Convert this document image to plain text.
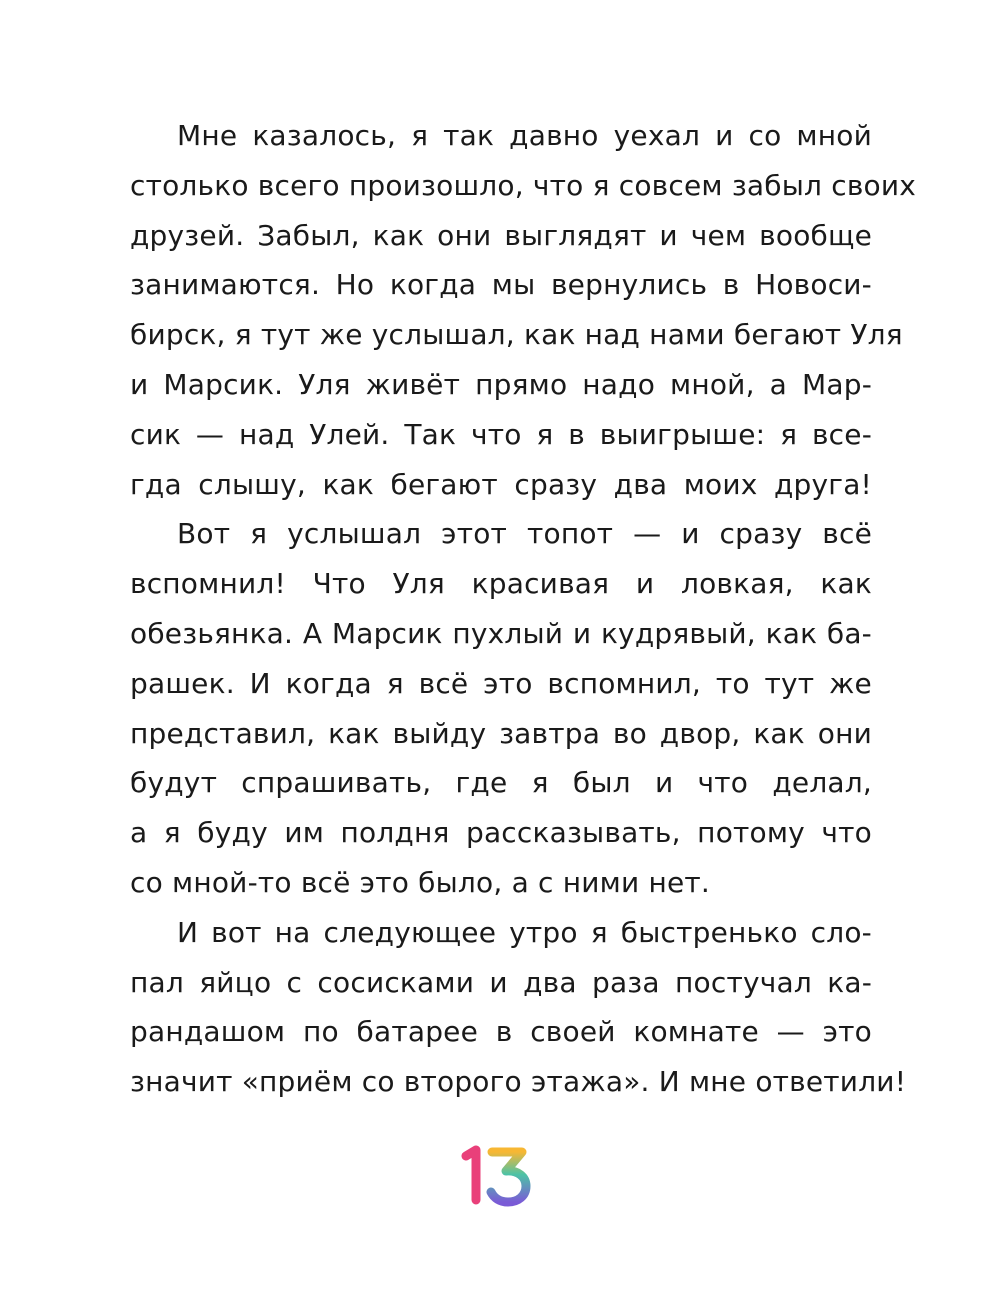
Мне казалось, я так давно уехал и со мной
столько всего произошло, что я совсем забыл своих
друзей. Забыл, как они выглядят и чем вообще
занимаются. Но когда мы вернулись в Новоси-
бирск, я тут же услышал, как над нами бегают Уля
и Марсик. Уля живёт прямо надо мной, а Мар-
сик — над Улей. Так что я в выигрыше: я все-
гда слышу, как бегают сразу два моих друга!
Вот я услышал этот топот — и сразу всё
вспомнил! Что Уля красивая и ловкая, как
обезьянка. А Марсик пухлый и кудрявый, как ба-
рашек. И когда я всё это вспомнил, то тут же
представил, как выйду завтра во двор, как они
будут спрашивать, где я был и что делал,
а я буду им полдня рассказывать, потому что
со мной-то всё это было, а с ними нет.
И вот на следующее утро я быстренько сло-
пал яйцо с сосисками и два раза постучал ка-
рандашом по батарее в своей комнате — это
значит «приём со второго этажа». И мне ответили!
